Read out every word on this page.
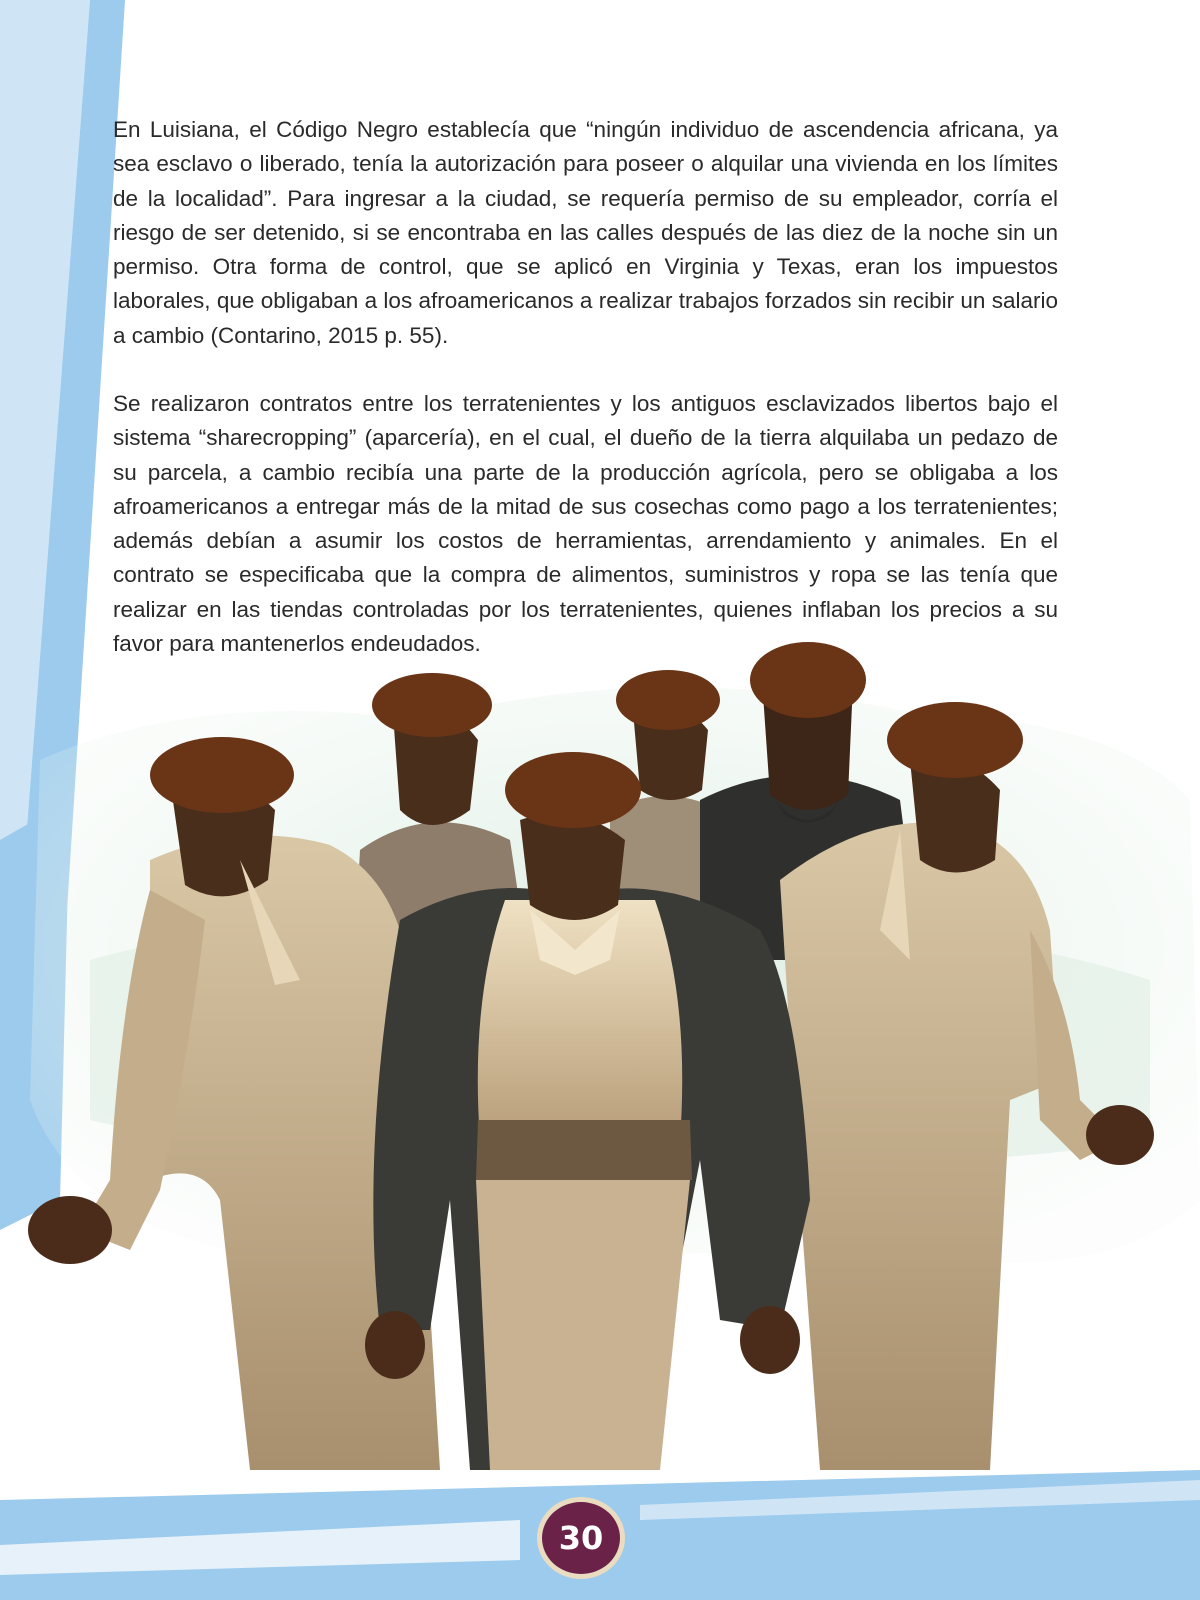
En Luisiana, el Código Negro establecía que “ningún individuo de ascendencia africana, ya sea esclavo o liberado, tenía la autorización para poseer o alquilar una vivienda en los límites de la localidad”. Para ingresar a la ciudad, se requería permiso de su empleador, corría el riesgo de ser detenido, si se encontraba en las calles después de las diez de la noche sin un permiso. Otra forma de control, que se aplicó en Virginia y Texas, eran los impuestos laborales, que obligaban a los afroamericanos a realizar trabajos forzados sin recibir un salario a cambio (Contarino, 2015 p. 55).

Se realizaron contratos entre los terratenientes y los antiguos esclavizados libertos bajo el sistema “sharecropping” (aparcería), en el cual, el dueño de la tierra alquilaba un pedazo de su parcela, a cambio recibía una parte de la producción agrícola, pero se obligaba a los afroamericanos a entregar más de la mitad de sus cosechas como pago a los terratenientes; además debían a asumir los costos de herramientas, arrendamiento y animales. En el contrato se especificaba que la compra de alimentos, suministros y ropa se las tenía que realizar en las tiendas controladas por los terratenientes, quienes inflaban los precios a su favor para mantenerlos endeudados.

30
